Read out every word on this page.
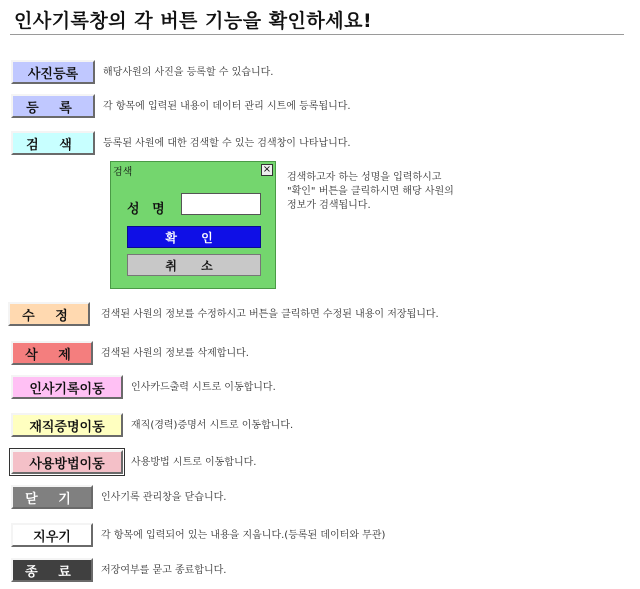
인사기록창의 각 버튼 기능을 확인하세요!
사진등록	해당사원의 사진을 등록할 수 있습니다.
등 록	각 항목에 입력된 내용이 데이터 관리 시트에 등록됩니다.
검 색	등록된 사원에 대한 검색할 수 있는 검색창이 나타납니다.
검색	×
성 명
확 인
취 소
검색하고자 하는 성명을 입력하시고
"확인" 버튼을 클릭하시면 해당 사원의
정보가 검색됩니다.
수 정	검색된 사원의 정보를 수정하시고 버튼을 클릭하면 수정된 내용이 저장됩니다.
삭 제	검색된 사원의 정보를 삭제합니다.
인사기록이동	인사카드출력 시트로 이동합니다.
재직증명이동	재직(경력)증명서 시트로 이동합니다.
사용방법이동	사용방법 시트로 이동합니다.
닫 기	인사기록 관리창을 닫습니다.
지우기	각 항목에 입력되어 있는 내용을 지웁니다.(등록된 데이터와 무관)
종 료	저장여부를 묻고 종료합니다.
